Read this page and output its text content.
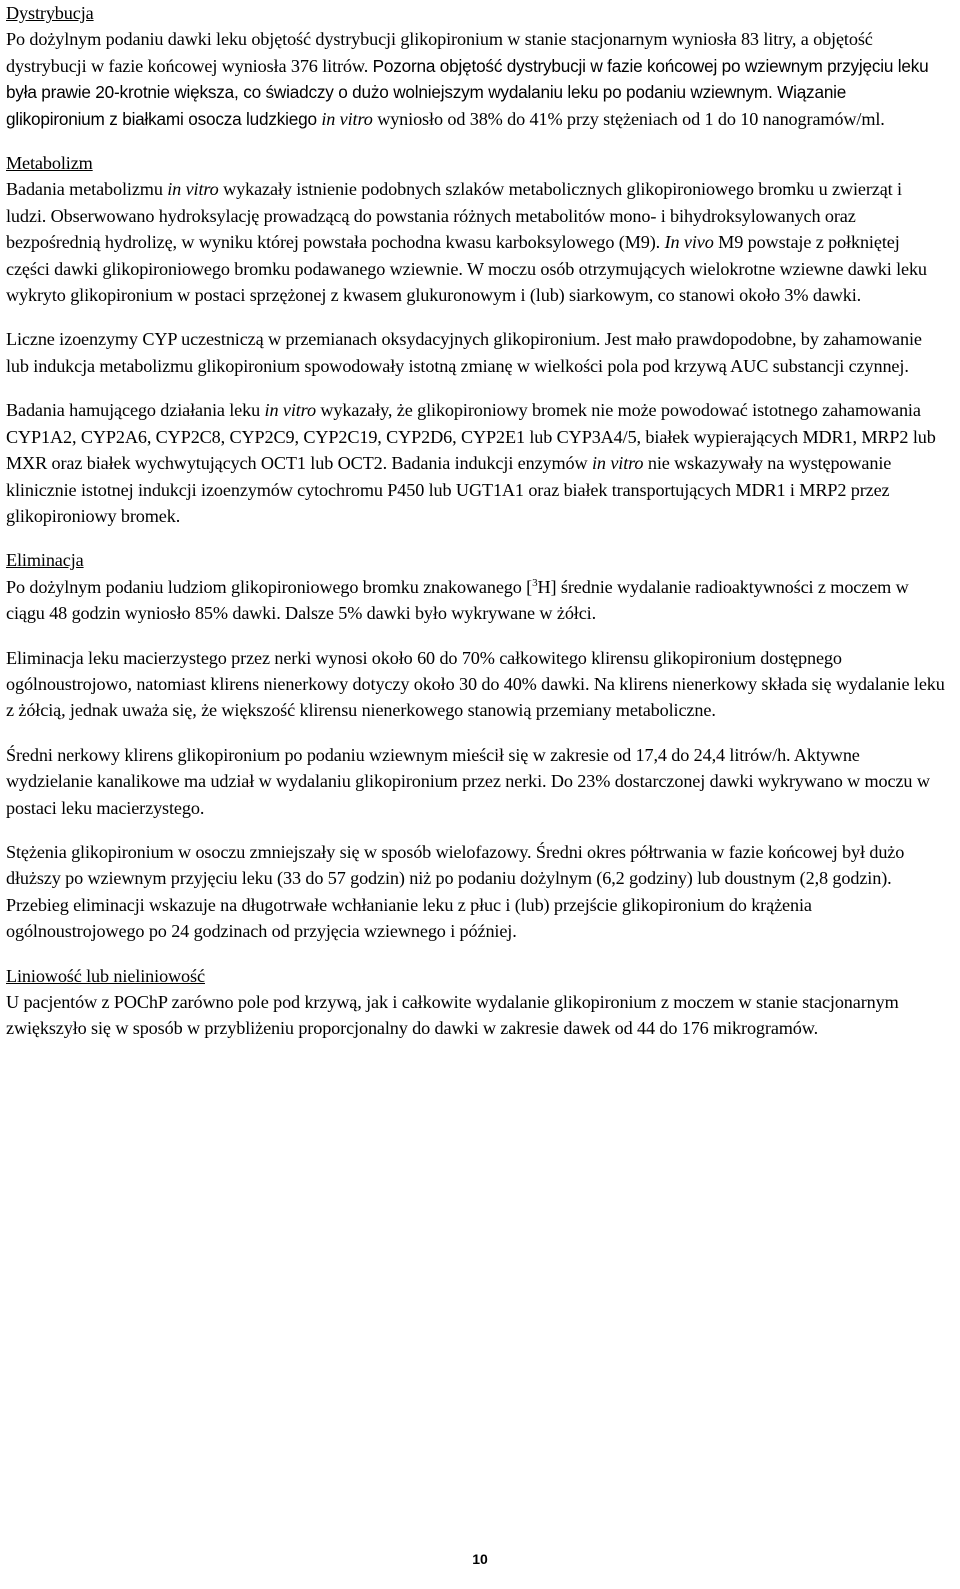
Dystrybucja

Po dożylnym podaniu dawki leku objętość dystrybucji glikopironium w stanie stacjonarnym wyniosła 83 litry, a objętość dystrybucji w fazie końcowej wyniosła 376 litrów. Pozorna objętość dystrybucji w fazie końcowej po wziewnym przyjęciu leku była prawie 20-krotnie większa, co świadczy o dużo wolniejszym wydalaniu leku po podaniu wziewnym. Wiązanie glikopironium z białkami osocza ludzkiego in vitro wyniosło od 38% do 41% przy stężeniach od 1 do 10 nanogramów/ml.

Metabolizm

Badania metabolizmu in vitro wykazały istnienie podobnych szlaków metabolicznych glikopironiowego bromku u zwierząt i ludzi. Obserwowano hydroksylację prowadzącą do powstania różnych metabolitów mono- i bihydroksylowanych oraz bezpośrednią hydrolizę, w wyniku której powstała pochodna kwasu karboksylowego (M9). In vivo M9 powstaje z połkniętej części dawki glikopironiowego bromku podawanego wziewnie. W moczu osób otrzymujących wielokrotne wziewne dawki leku wykryto glikopironium w postaci sprzężonej z kwasem glukuronowym i (lub) siarkowym, co stanowi około 3% dawki.

Liczne izoenzymy CYP uczestniczą w przemianach oksydacyjnych glikopironium. Jest mało prawdopodobne, by zahamowanie lub indukcja metabolizmu glikopironium spowodowały istotną zmianę w wielkości pola pod krzywą AUC substancji czynnej.

Badania hamującego działania leku in vitro wykazały, że glikopironiowy bromek nie może powodować istotnego zahamowania CYP1A2, CYP2A6, CYP2C8, CYP2C9, CYP2C19, CYP2D6, CYP2E1 lub CYP3A4/5, białek wypierających MDR1, MRP2 lub MXR oraz białek wychwytujących OCT1 lub OCT2. Badania indukcji enzymów in vitro nie wskazywały na występowanie klinicznie istotnej indukcji izoenzymów cytochromu P450 lub UGT1A1 oraz białek transportujących MDR1 i MRP2 przez glikopironiowy bromek.

Eliminacja

Po dożylnym podaniu ludziom glikopironiowego bromku znakowanego [$^3$H] średnie wydalanie radioaktywności z moczem w ciągu 48 godzin wyniosło 85% dawki. Dalsze 5% dawki było wykrywane w żółci.

Eliminacja leku macierzystego przez nerki wynosi około 60 do 70% całkowitego klirensu glikopironium dostępnego ogólnoustrojowo, natomiast klirens nienerkowy dotyczy około 30 do 40% dawki. Na klirens nienerkowy składa się wydalanie leku z żółcią, jednak uważa się, że większość klirensu nienerkowego stanowią przemiany metaboliczne.

Średni nerkowy klirens glikopironium po podaniu wziewnym mieścił się w zakresie od 17,4 do 24,4 litrów/h. Aktywne wydzielanie kanalikowe ma udział w wydalaniu glikopironium przez nerki. Do 23% dostarczonej dawki wykrywano w moczu w postaci leku macierzystego.

Stężenia glikopironium w osoczu zmniejszały się w sposób wielofazowy. Średni okres półtrwania w fazie końcowej był dużo dłuższy po wziewnym przyjęciu leku (33 do 57 godzin) niż po podaniu dożylnym (6,2 godziny) lub doustnym (2,8 godzin). Przebieg eliminacji wskazuje na długotrwałe wchłanianie leku z płuc i (lub) przejście glikopironium do krążenia ogólnoustrojowego po 24 godzinach od przyjęcia wziewnego i później.

Liniowość lub nieliniowość

U pacjentów z POChP zarówno pole pod krzywą, jak i całkowite wydalanie glikopironium z moczem w stanie stacjonarnym zwiększyło się w sposób w przybliżeniu proporcjonalny do dawki w zakresie dawek od 44 do 176 mikrogramów.

10
